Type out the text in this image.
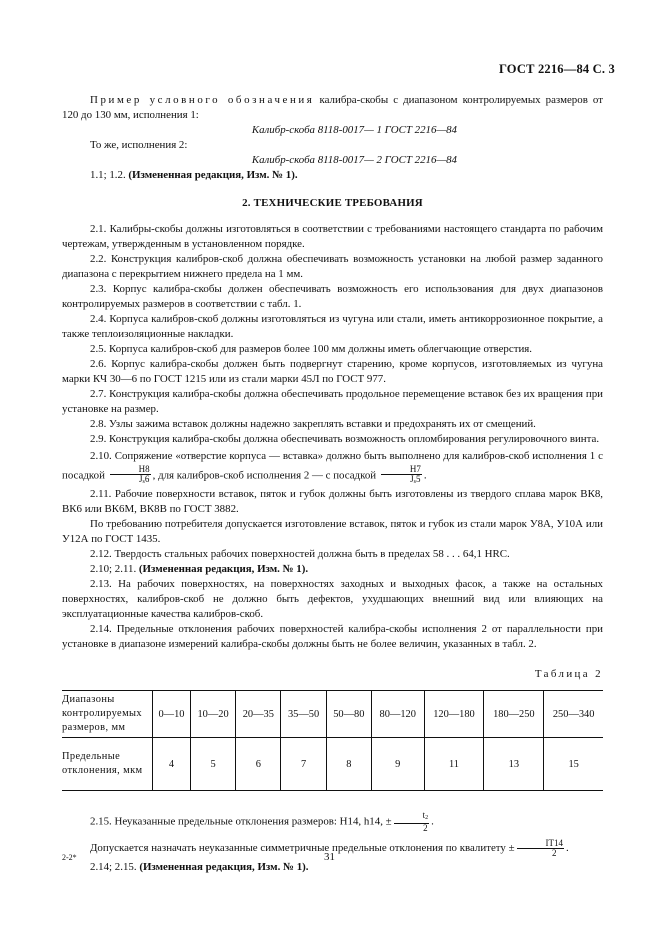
ГОСТ 2216—84 С. 3

Пример условного обозначения калибра-скобы с диапазоном контролируемых размеров от 120 до 130 мм, исполнения 1:

Калибр-скоба 8118-0017— 1 ГОСТ 2216—84

То же, исполнения 2:

Калибр-скоба 8118-0017— 2 ГОСТ 2216—84

1.1; 1.2. (Измененная редакция, Изм. № 1).

2. ТЕХНИЧЕСКИЕ ТРЕБОВАНИЯ

2.1. Калибры-скобы должны изготовляться в соответствии с требованиями настоящего стандарта по рабочим чертежам, утвержденным в установленном порядке.

2.2. Конструкция калибров-скоб должна обеспечивать возможность установки на любой размер заданного диапазона с перекрытием нижнего предела на 1 мм.

2.3. Корпус калибра-скобы должен обеспечивать возможность его использования для двух диапазонов контролируемых размеров в соответствии с табл. 1.

2.4. Корпуса калибров-скоб должны изготовляться из чугуна или стали, иметь антикоррозионное покрытие, а также теплоизоляционные накладки.

2.5. Корпуса калибров-скоб для размеров более 100 мм должны иметь облегчающие отверстия.

2.6. Корпус калибра-скобы должен быть подвергнут старению, кроме корпусов, изготовляемых из чугуна марки КЧ 30—6 по ГОСТ 1215 или из стали марки 45Л по ГОСТ 977.

2.7. Конструкция калибра-скобы должна обеспечивать продольное перемещение вставок без их вращения при установке на размер.

2.8. Узлы зажима вставок должны надежно закреплять вставки и предохранять их от смещений.

2.9. Конструкция калибра-скобы должна обеспечивать возможность опломбирования регулировочного винта.

2.10. Сопряжение «отверстие корпуса — вставка» должно быть выполнено для калибров-скоб исполнения 1 с посадкой $\frac{H8}{J_s6}$ , для калибров-скоб исполнения 2 — с посадкой $\frac{H7}{J_s5}$ .

2.11. Рабочие поверхности вставок, пяток и губок должны быть изготовлены из твердого сплава марок ВК8, ВК6 или ВК6М, ВК8В по ГОСТ 3882.

По требованию потребителя допускается изготовление вставок, пяток и губок из стали марок У8А, У10А или У12А по ГОСТ 1435.

2.12. Твердость стальных рабочих поверхностей должна быть в пределах 58 . . . 64,1 HRC.

2.10; 2.11. (Измененная редакция, Изм. № 1).

2.13. На рабочих поверхностях, на поверхностях заходных и выходных фасок, а также на остальных поверхностях, калибров-скоб не должно быть дефектов, ухудшающих внешний вид или влияющих на эксплуатационные качества калибров-скоб.

2.14. Предельные отклонения рабочих поверхностей калибра-скобы исполнения 2 от параллельности при установке в диапазоне измерений калибра-скобы должны быть не более величин, указанных в табл. 2.

Таблица 2
Диапазоны контролируемых размеров, мм	0—10	10—20	20—35	35—50	50—80	80—120	120—180	180—250	250—340
Предельные отклонения, мкм	4	5	6	7	8	9	11	13	15

2.15. Неуказанные предельные отклонения размеров: H14, h14, ± $\frac{t_2}{2}$ .

Допускается назначать неуказанные симметричные предельные отклонения по квалитету ± $\frac{IT14}{2}$ .

2.14; 2.15. (Измененная редакция, Изм. № 1).

2-2*	31
